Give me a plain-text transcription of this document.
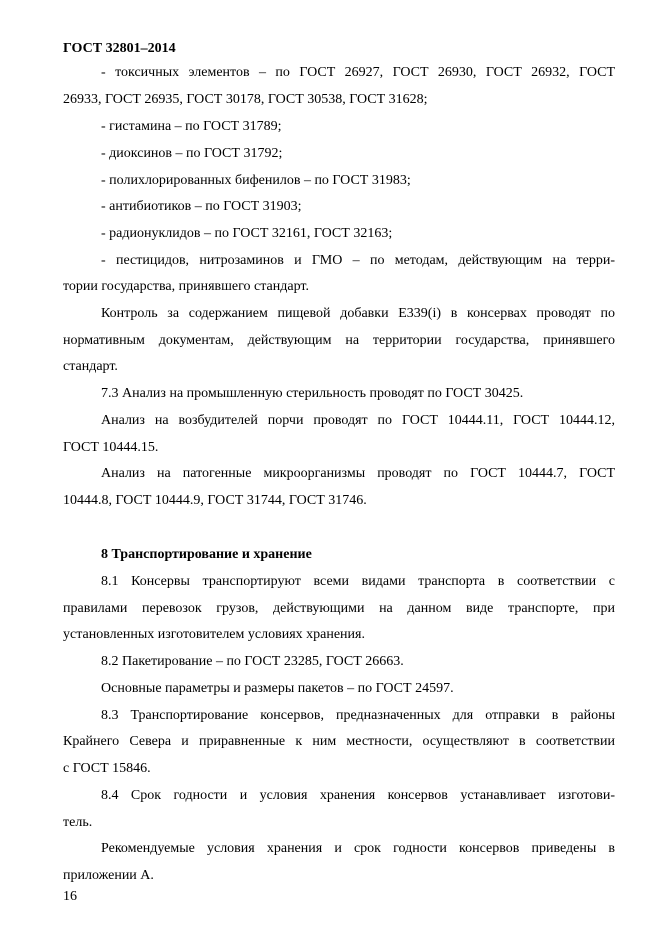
ГОСТ 32801–2014
- токсичных элементов – по ГОСТ 26927, ГОСТ 26930, ГОСТ 26932, ГОСТ
26933, ГОСТ 26935, ГОСТ 30178, ГОСТ 30538, ГОСТ 31628;
- гистамина – по ГОСТ 31789;
- диоксинов – по ГОСТ 31792;
- полихлорированных бифенилов – по ГОСТ 31983;
- антибиотиков – по ГОСТ 31903;
- радионуклидов – по ГОСТ 32161, ГОСТ 32163;
- пестицидов, нитрозаминов и ГМО – по методам, действующим на терри-
тории государства, принявшего стандарт.
Контроль за содержанием пищевой добавки Е339(i) в консервах проводят по
нормативным документам, действующим на территории государства, принявшего
стандарт.
7.3 Анализ на промышленную стерильность проводят по ГОСТ 30425.
Анализ на возбудителей порчи проводят по ГОСТ 10444.11, ГОСТ 10444.12,
ГОСТ 10444.15.
Анализ на патогенные микроорганизмы проводят по ГОСТ 10444.7, ГОСТ
10444.8, ГОСТ 10444.9, ГОСТ 31744, ГОСТ 31746.
8 Транспортирование и хранение
8.1 Консервы транспортируют всеми видами транспорта в соответствии с
правилами перевозок грузов, действующими на данном виде транспорте, при
установленных изготовителем условиях хранения.
8.2 Пакетирование – по ГОСТ 23285, ГОСТ 26663.
Основные параметры и размеры пакетов – по ГОСТ 24597.
8.3 Транспортирование консервов, предназначенных для отправки в районы
Крайнего Севера и приравненные к ним местности, осуществляют в соответствии
с ГОСТ 15846.
8.4 Срок годности и условия хранения консервов устанавливает изготови-
тель.
Рекомендуемые условия хранения и срок годности консервов приведены в
приложении А.
16
